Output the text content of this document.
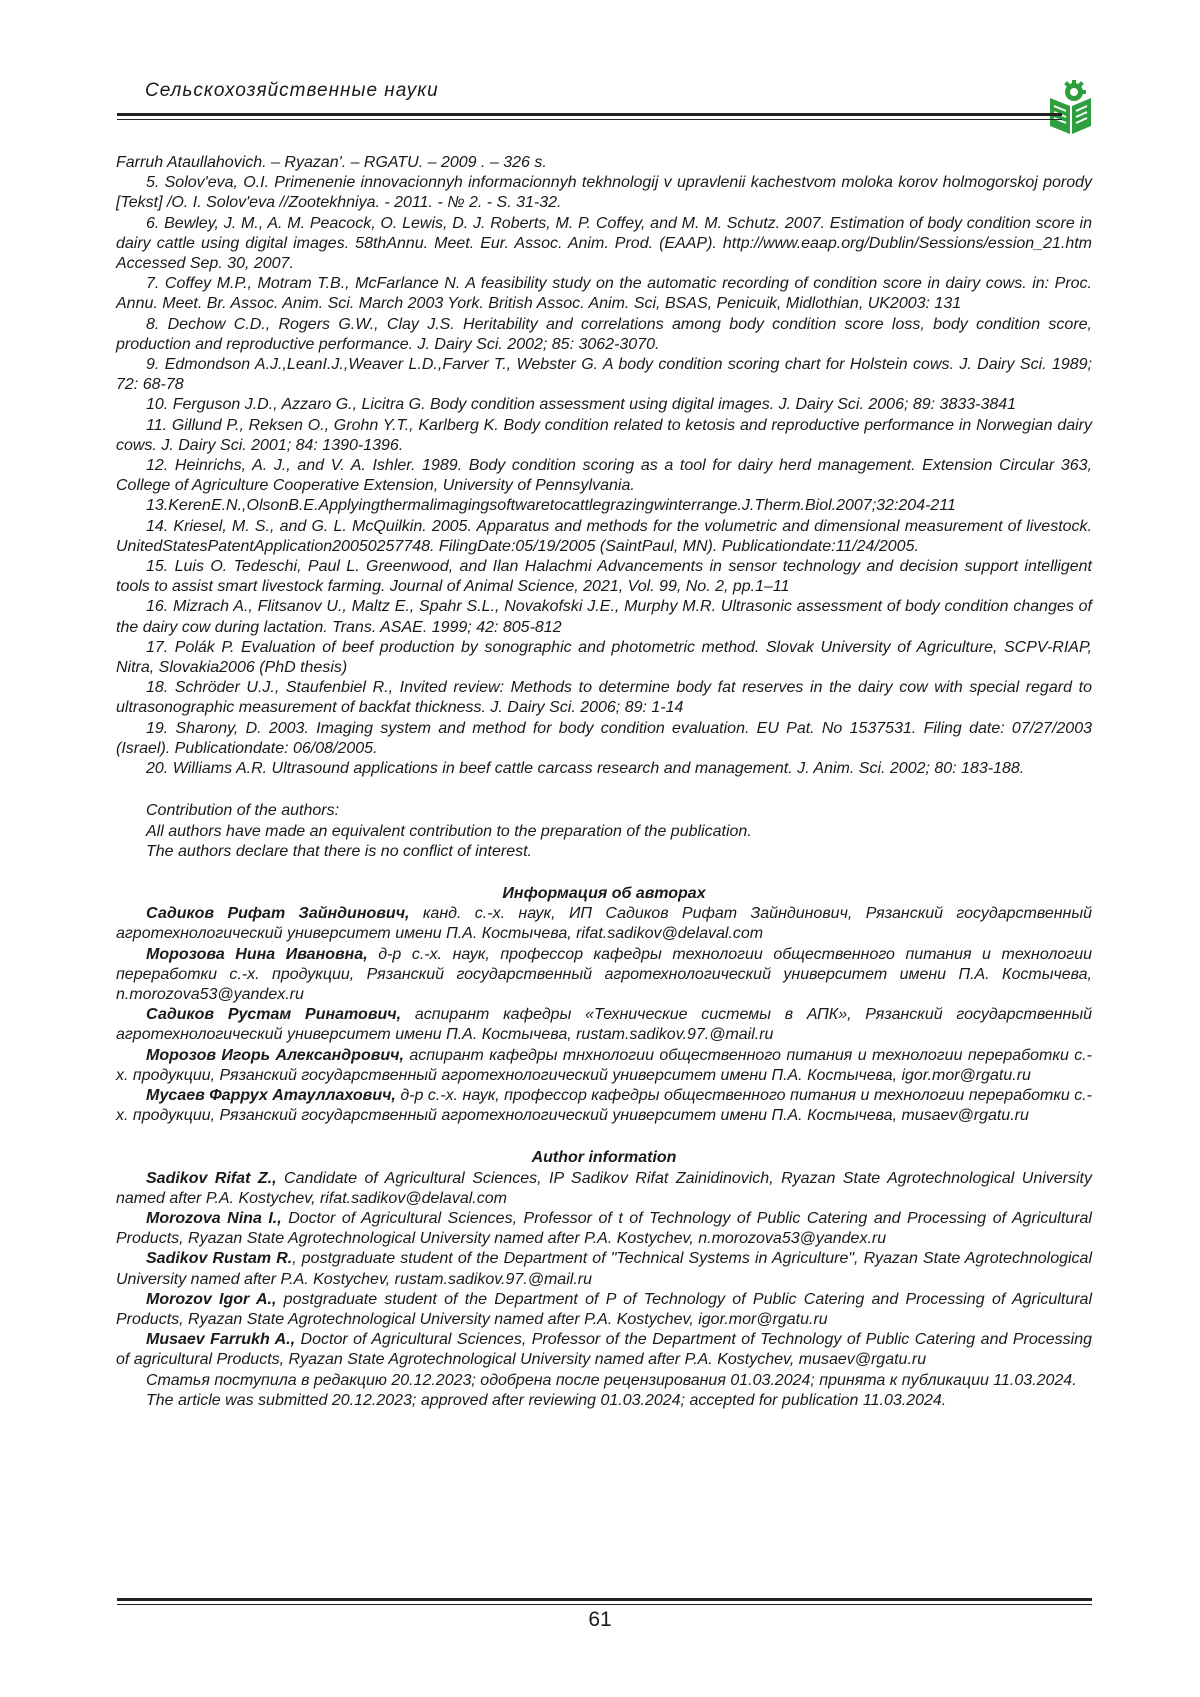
Сельскохозяйственные науки

Farruh Ataullahovich. – Ryazan'. – RGATU. – 2009 . – 326 s.

5. Solov'eva, O.I. Primenenie innovacionnyh informacionnyh tekhnologij v upravlenii kachestvom moloka korov holmogorskoj porody [Tekst] /O. I. Solov'eva //Zootekhniya. - 2011. - № 2. - S. 31-32.

6. Bewley, J. M., A. M. Peacock, O. Lewis, D. J. Roberts, M. P. Coffey, and M. M. Schutz. 2007. Estimation of body condition score in dairy cattle using digital images. 58thAnnu. Meet. Eur. Assoc. Anim. Prod. (EAAP). http://www.eaap.org/Dublin/Sessions/ession_21.htm Accessed Sep. 30, 2007.

7. Coffey M.P., Motram T.B., McFarlance N. A feasibility study on the automatic recording of condition score in dairy cows. in: Proc. Annu. Meet. Br. Assoc. Anim. Sci. March 2003 York. British Assoc. Anim. Sci, BSAS, Penicuik, Midlothian, UK2003: 131

8. Dechow C.D., Rogers G.W., Clay J.S. Heritability and correlations among body condition score loss, body condition score, production and reproductive performance. J. Dairy Sci. 2002; 85: 3062-3070.

9. Edmondson A.J.,LeanI.J.,Weaver L.D.,Farver T., Webster G. A body condition scoring chart for Holstein cows. J. Dairy Sci. 1989; 72: 68-78

10. Ferguson J.D., Azzaro G., Licitra G. Body condition assessment using digital images. J. Dairy Sci. 2006; 89: 3833-3841

11. Gillund P., Reksen O., Grohn Y.T., Karlberg K. Body condition related to ketosis and reproductive performance in Norwegian dairy cows. J. Dairy Sci. 2001; 84: 1390-1396.

12. Heinrichs, A. J., and V. A. Ishler. 1989. Body condition scoring as a tool for dairy herd management. Extension Circular 363, College of Agriculture Cooperative Extension, University of Pennsylvania.

13.KerenE.N.,OlsonB.E.Applyingthermalimagingsoftwaretocattlegrazingwinterrange.J.Therm.Biol.2007;32:204-211

14. Kriesel, M. S., and G. L. McQuilkin. 2005. Apparatus and methods for the volumetric and dimensional measurement of livestock. UnitedStatesPatentApplication20050257748. FilingDate:05/19/2005 (SaintPaul, MN). Publicationdate:11/24/2005.

15. Luis O. Tedeschi, Paul L. Greenwood, and Ilan Halachmi Advancements in sensor technology and decision support intelligent tools to assist smart livestock farming. Journal of Animal Science, 2021, Vol. 99, No. 2, pp.1–11

16. Mizrach A., Flitsanov U., Maltz E., Spahr S.L., Novakofski J.E., Murphy M.R. Ultrasonic assessment of body condition changes of the dairy cow during lactation. Trans. ASAE. 1999; 42: 805-812

17. Polák P. Evaluation of beef production by sonographic and photometric method. Slovak University of Agriculture, SCPV-RIAP, Nitra, Slovakia2006 (PhD thesis)

18. Schröder U.J., Staufenbiel R., Invited review: Methods to determine body fat reserves in the dairy cow with special regard to ultrasonographic measurement of backfat thickness. J. Dairy Sci. 2006; 89: 1-14

19. Sharony, D. 2003. Imaging system and method for body condition evaluation. EU Pat. No 1537531. Filing date: 07/27/2003 (Israel). Publicationdate: 06/08/2005.

20. Williams A.R. Ultrasound applications in beef cattle carcass research and management. J. Anim. Sci. 2002; 80: 183-188.

Contribution of the authors:

All authors have made an equivalent contribution to the preparation of the publication.

The authors declare that there is no conflict of interest.

Информация об авторах

Садиков Рифат Зайндинович, канд. с.-х. наук, ИП Садиков Рифат Зайндинович, Рязанский государственный агротехнологический университет имени П.А. Костычева, rifat.sadikov@delaval.com

Морозова Нина Ивановна, д-р с.-х. наук, профессор кафедры технологии общественного питания и технологии переработки с.-х. продукции, Рязанский государственный агротехнологический университет имени П.А. Костычева, n.morozova53@yandex.ru

Садиков Рустам Ринатович, аспирант кафедры «Технические системы в АПК», Рязанский государственный агротехнологический университет имени П.А. Костычева, rustam.sadikov.97.@mail.ru

Морозов Игорь Александрович, аспирант кафедры тнхнологии общественного питания и технологии переработки с.-х. продукции, Рязанский государственный агротехнологический университет имени П.А. Костычева, igor.mor@rgatu.ru

Мусаев Фаррух Атауллахович, д-р с.-х. наук, профессор кафедры общественного питания и технологии переработки с.-х. продукции, Рязанский государственный агротехнологический университет имени П.А. Костычева, musaev@rgatu.ru

Author information

Sadikov Rifat Z., Candidate of Agricultural Sciences, IP Sadikov Rifat Zainidinovich, Ryazan State Agrotechnological University named after P.A. Kostychev, rifat.sadikov@delaval.com

Morozova Nina I., Doctor of Agricultural Sciences, Professor of t of Technology of Public Catering and Processing of Agricultural Products, Ryazan State Agrotechnological University named after P.A. Kostychev, n.morozova53@yandex.ru

Sadikov Rustam R., postgraduate student of the Department of "Technical Systems in Agriculture", Ryazan State Agrotechnological University named after P.A. Kostychev, rustam.sadikov.97.@mail.ru

Morozov Igor A., postgraduate student of the Department of P of Technology of Public Catering and Processing of Agricultural Products, Ryazan State Agrotechnological University named after P.A. Kostychev, igor.mor@rgatu.ru

Musaev Farrukh A., Doctor of Agricultural Sciences, Professor of the Department of Technology of Public Catering and Processing of agricultural Products, Ryazan State Agrotechnological University named after P.A. Kostychev, musaev@rgatu.ru

Статья поступила в редакцию 20.12.2023; одобрена после рецензирования 01.03.2024; принята к публикации 11.03.2024.

The article was submitted 20.12.2023; approved after reviewing 01.03.2024; accepted for publication 11.03.2024.

61
